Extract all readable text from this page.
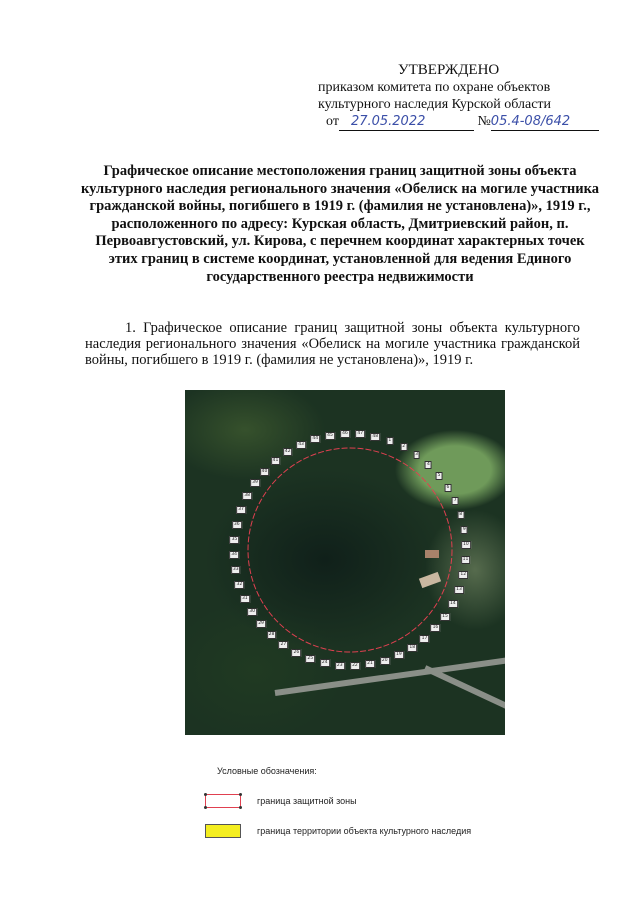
УТВЕРЖДЕНО
приказом комитета по охране объектов
культурного наследия Курской области
от 27.05.2022	№05.4-08/642
Графическое описание местоположения границ защитной зоны объекта культурного наследия регионального значения «Обелиск на могиле участника гражданской войны, погибшего в 1919 г. (фамилия не установлена)», 1919 г., расположенного по адресу: Курская область, Дмитриевский район, п. Первоавгустовский, ул. Кирова, с перечнем координат характерных точек этих границ в системе координат, установленной для ведения Единого государственного реестра недвижимости

1. Графическое описание границ защитной зоны объекта культурного наследия регионального значения «Обелиск на могиле участника гражданской войны, погибшего в 1919 г. (фамилия не установлена)», 1919 г.

1
2
3
4
5
6
7
8
9
10
11
12
13
14
15
16
17
18
19
20
21
22
23
24
25
26
27
28
29
30
31
32
33
34
35
36
37
38
39
40
41
42
43
44
45	46	47	48
Условные обозначения:
граница защитной зоны
граница территории объекта культурного наследия
